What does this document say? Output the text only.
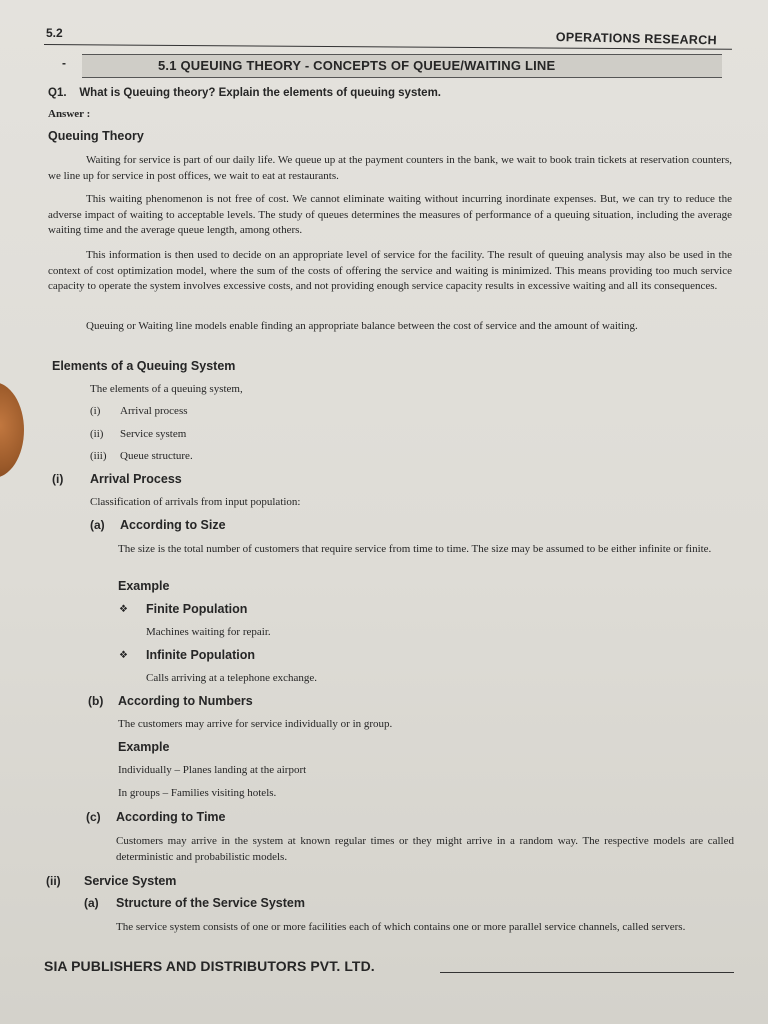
5.2	OPERATIONS RESEARCH
-	5.1 QUEUING THEORY - CONCEPTS OF QUEUE/WAITING LINE
Q1. What is Queuing theory? Explain the elements of queuing system.
Answer :
Queuing Theory
Waiting for service is part of our daily life. We queue up at the payment counters in the bank, we wait to book train tickets at reservation counters, we line up for service in post offices, we wait to eat at restaurants.
This waiting phenomenon is not free of cost. We cannot eliminate waiting without incurring inordinate expenses. But, we can try to reduce the adverse impact of waiting to acceptable levels. The study of queues determines the measures of performance of a queuing situation, including the average waiting time and the average queue length, among others.
This information is then used to decide on an appropriate level of service for the facility. The result of queuing analysis may also be used in the context of cost optimization model, where the sum of the costs of offering the service and waiting is minimized. This means providing too much service capacity to operate the system involves excessive costs, and not providing enough service capacity results in excessive waiting and all its consequences.
Queuing or Waiting line models enable finding an appropriate balance between the cost of service and the amount of waiting.
Elements of a Queuing System
The elements of a queuing system,
(i) Arrival process
(ii) Service system
(iii) Queue structure.
(i) Arrival Process
Classification of arrivals from input population:
(a) According to Size
The size is the total number of customers that require service from time to time. The size may be assumed to be either infinite or finite.
Example
❖ Finite Population
Machines waiting for repair.
❖ Infinite Population
Calls arriving at a telephone exchange.
(b) According to Numbers
The customers may arrive for service individually or in group.
Example
Individually – Planes landing at the airport
In groups – Families visiting hotels.
(c) According to Time
Customers may arrive in the system at known regular times or they might arrive in a random way. The respective models are called deterministic and probabilistic models.
(ii) Service System
(a) Structure of the Service System
The service system consists of one or more facilities each of which contains one or more parallel service channels, called servers.
SIA PUBLISHERS AND DISTRIBUTORS PVT. LTD.
